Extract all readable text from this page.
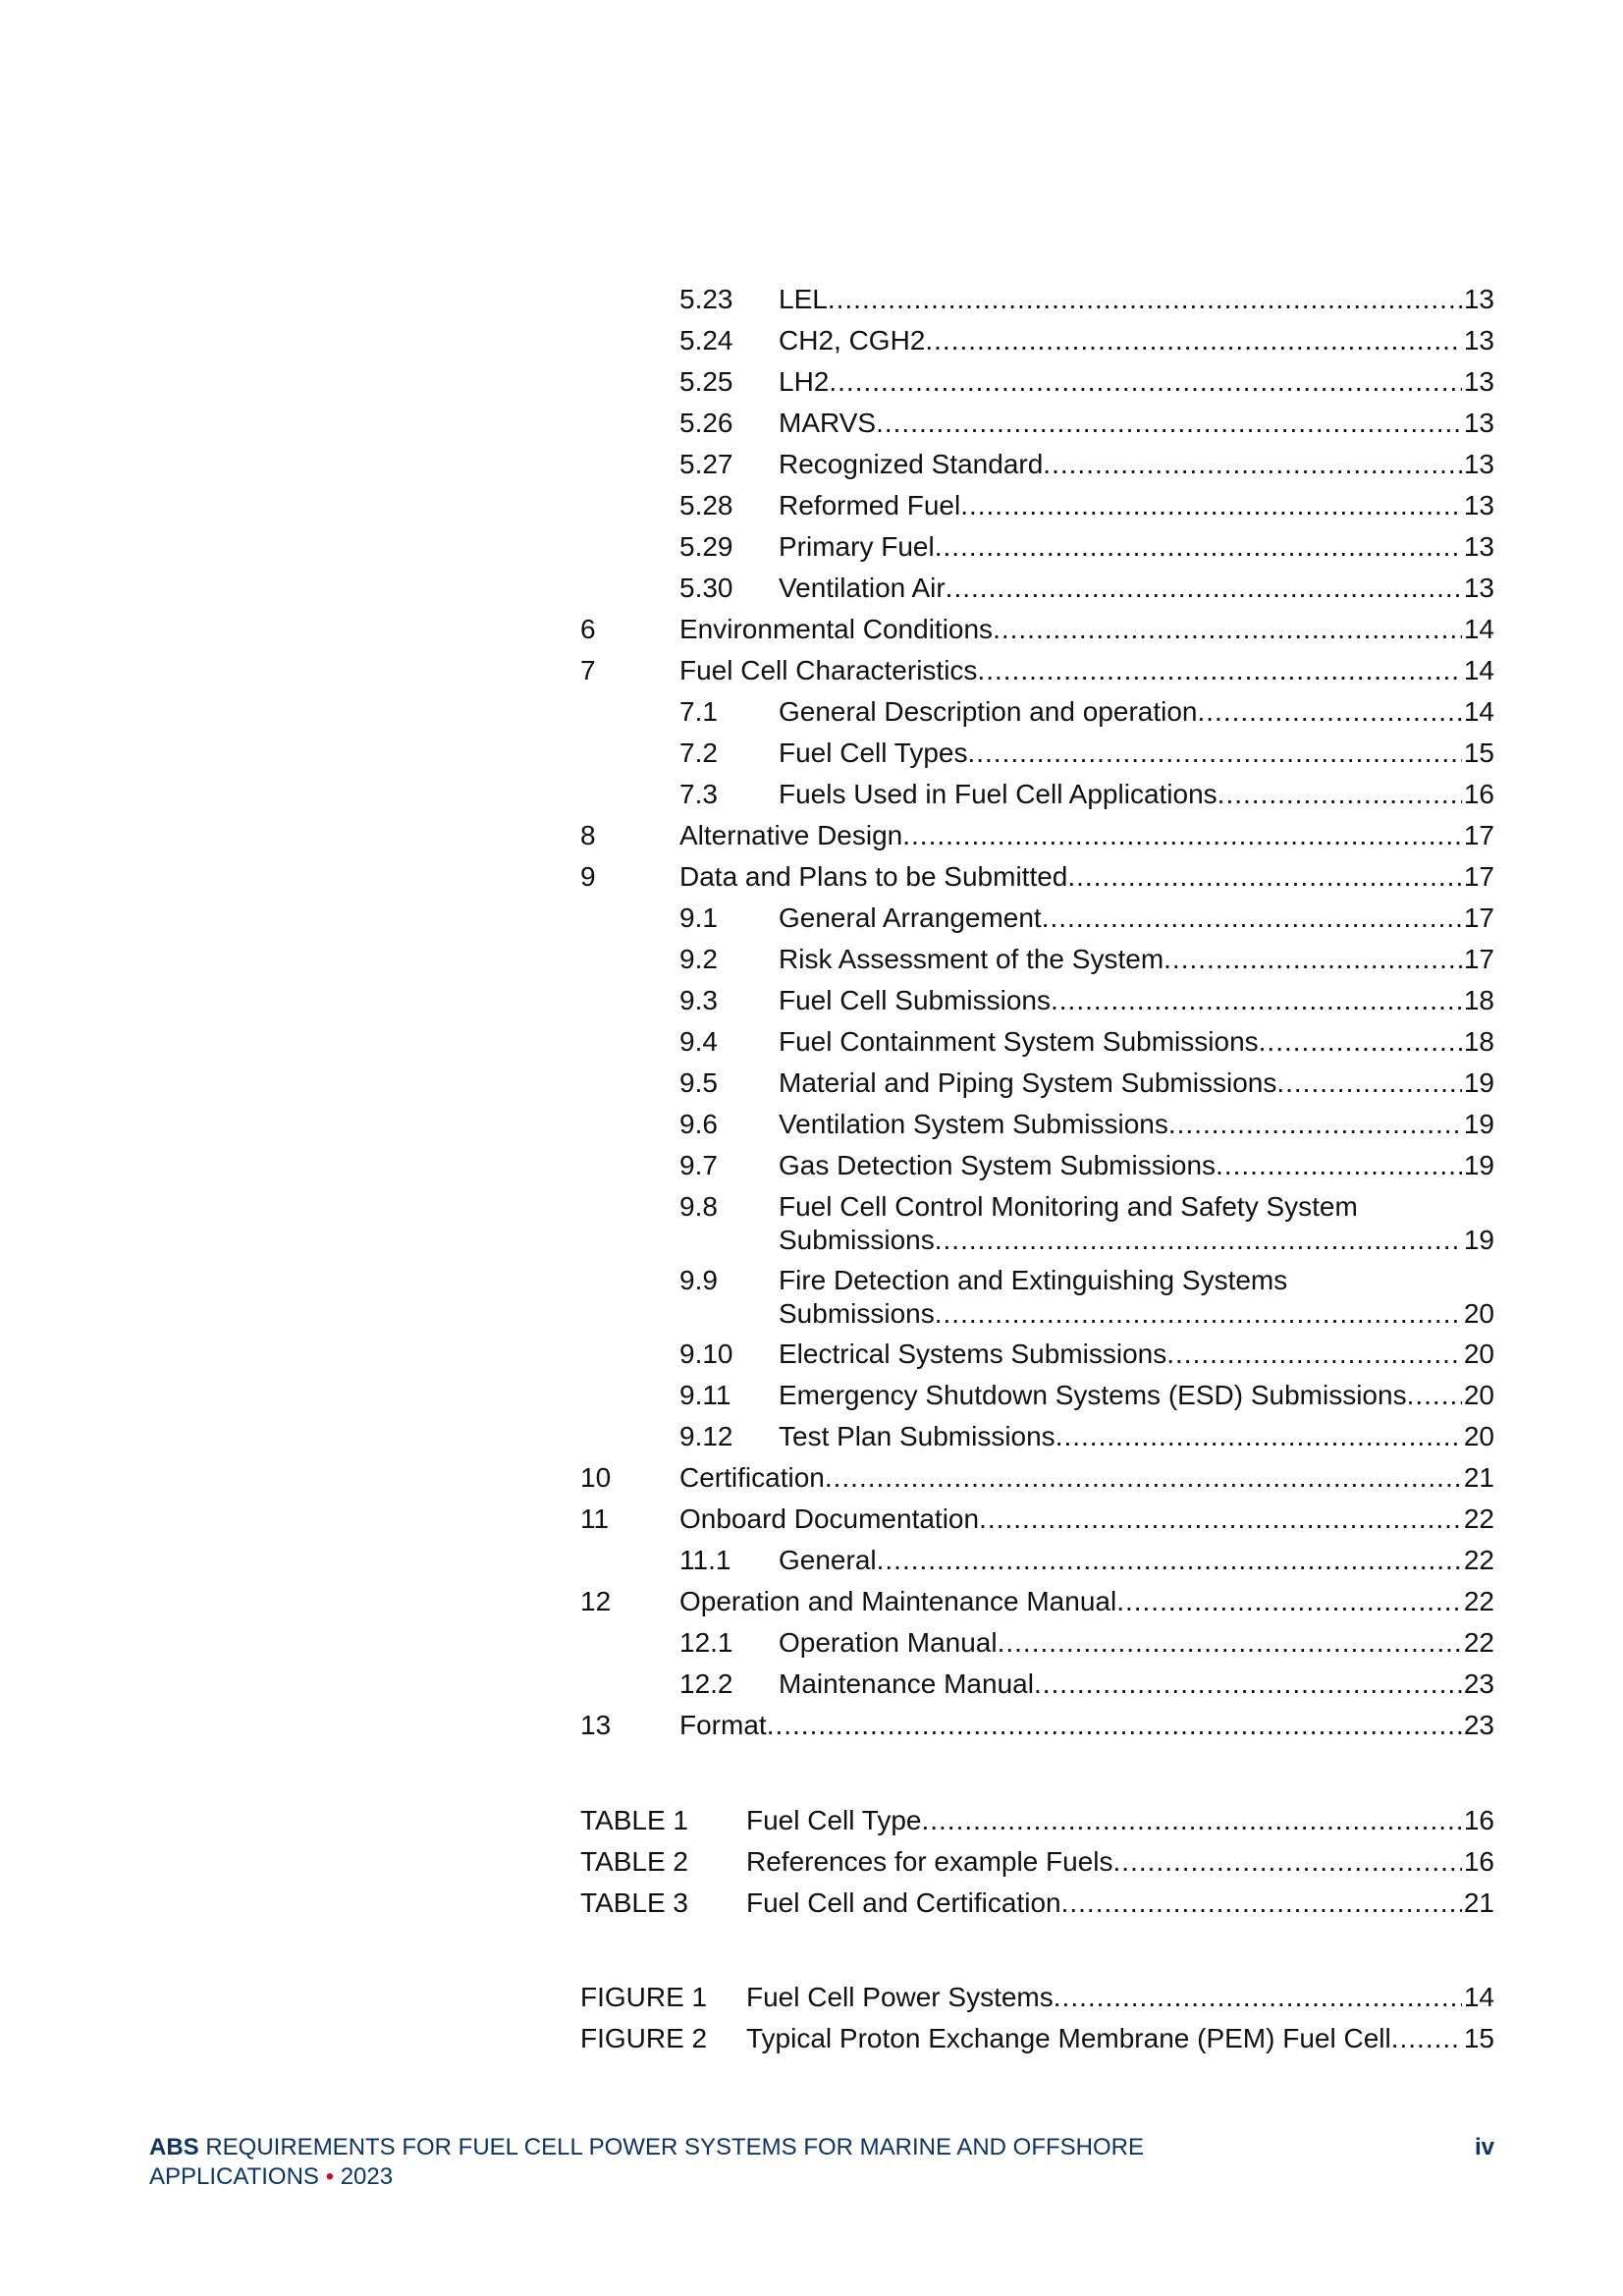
5.23 LEL .....	13
5.24 CH2, CGH2 .....	13
5.25 LH2 .....	13
5.26 MARVS .....	13
5.27 Recognized Standard .....	13
5.28 Reformed Fuel .....	13
5.29 Primary Fuel .....	13
5.30 Ventilation Air .....	13
6	Environmental Conditions .....	14
7	Fuel Cell Characteristics .....	14
7.1 General Description and operation .....	14
7.2 Fuel Cell Types .....	15
7.3 Fuels Used in Fuel Cell Applications .....	16
8	Alternative Design .....	17
9	Data and Plans to be Submitted .....	17
9.1 General Arrangement .....	17
9.2 Risk Assessment of the System .....	17
9.3 Fuel Cell Submissions .....	18
9.4 Fuel Containment System Submissions .....	18
9.5 Material and Piping System Submissions .....	19
9.6 Ventilation System Submissions .....	19
9.7 Gas Detection System Submissions .....	19
9.8 Fuel Cell Control Monitoring and Safety System
Submissions .....	19
9.9 Fire Detection and Extinguishing Systems
Submissions .....	20
9.10 Electrical Systems Submissions .....	20
9.11 Emergency Shutdown Systems (ESD) Submissions ..... 20
9.12 Test Plan Submissions .....	20
10 Certification .....	21
11	Onboard Documentation .....	22
11.1 General .....	22
12 Operation and Maintenance Manual .....	22
12.1 Operation Manual .....	22
12.2 Maintenance Manual .....	23
13 Format .....	23
TABLE 1 Fuel Cell Type .....	16
TABLE 2 References for example Fuels .....	16
TABLE 3 Fuel Cell and Certification .....	21
FIGURE 1 Fuel Cell Power Systems .....	14
FIGURE 2 Typical Proton Exchange Membrane (PEM) Fuel Cell .....	15
ABS REQUIREMENTS FOR FUEL CELL POWER SYSTEMS FOR MARINE AND OFFSHORE
APPLICATIONS • 2023
iv
